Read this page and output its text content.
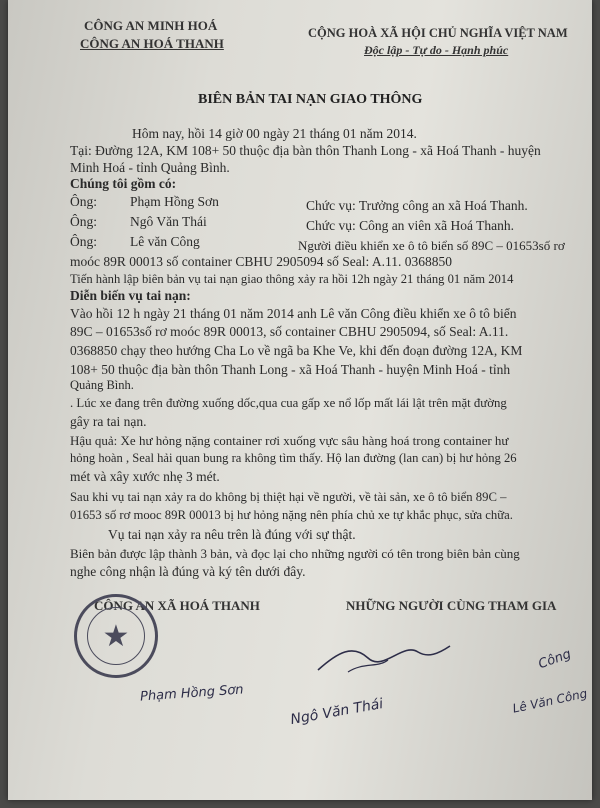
CÔNG AN MINH HOÁ
CÔNG AN HOÁ THANH
CỘNG HOÀ XÃ HỘI CHỦ NGHĨA VIỆT NAM
Độc lập - Tự do - Hạnh phúc
BIÊN BẢN TAI NẠN GIAO THÔNG
Hôm nay, hồi 14 giờ 00 ngày 21 tháng 01 năm 2014.
Tại: Đường 12A, KM 108+ 50 thuộc địa bàn thôn Thanh Long - xã Hoá Thanh - huyện
Minh Hoá - tỉnh Quảng Bình.
Chúng tôi gồm có:
Ông: Phạm Hồng Sơn	Chức vụ: Trưởng công an xã Hoá Thanh.
Ông: Ngô Văn Thái	Chức vụ: Công an viên xã Hoá Thanh.
Ông: Lê văn Công	Người điều khiển xe ô tô biển số 89C – 01653số rơ
moóc 89R 00013 số container CBHU 2905094 số Seal: A.11. 0368850
Tiến hành lập biên bản vụ tai nạn giao thông xảy ra hồi 12h ngày 21 tháng 01 năm 2014
Diễn biến vụ tai nạn:
Vào hồi 12 h ngày 21 tháng 01 năm 2014 anh Lê văn Công điều khiển xe ô tô biển
89C – 01653số rơ moóc 89R 00013, số container CBHU 2905094, số Seal: A.11.
0368850 chạy theo hướng Cha Lo về ngã ba Khe Ve, khi đến đoạn đường 12A, KM
108+ 50 thuộc địa bàn thôn Thanh Long - xã Hoá Thanh - huyện Minh Hoá - tỉnh
Quảng Bình.
. Lúc xe đang trên đường xuống dốc,qua cua gấp xe nổ lốp mất lái lật trên mặt đường
gây ra tai nạn.
Hậu quả: Xe hư hỏng nặng container rơi xuống vực sâu hàng hoá trong container hư
hỏng hoàn , Seal hải quan bung ra không tìm thấy. Hộ lan đường (lan can) bị hư hỏng 26
mét và xây xước nhẹ 3 mét.
Sau khi vụ tai nạn xảy ra do không bị thiệt hại về người, về tài sản, xe ô tô biển 89C –
01653 số rơ mooc 89R 00013 bị hư hỏng nặng nên phía chủ xe tự khắc phục, sửa chữa.
Vụ tai nạn xảy ra nêu trên là đúng với sự thật.
Biên bản được lập thành 3 bản, và đọc lại cho những người có tên trong biên bản cùng
nghe công nhận là đúng và ký tên dưới đây.
CÔNG AN XÃ HOÁ THANH	NHỮNG NGƯỜI CÙNG THAM GIA
★
Phạm Hồng Sơn
Ngô Văn Thái
Công
Lê Văn Công
